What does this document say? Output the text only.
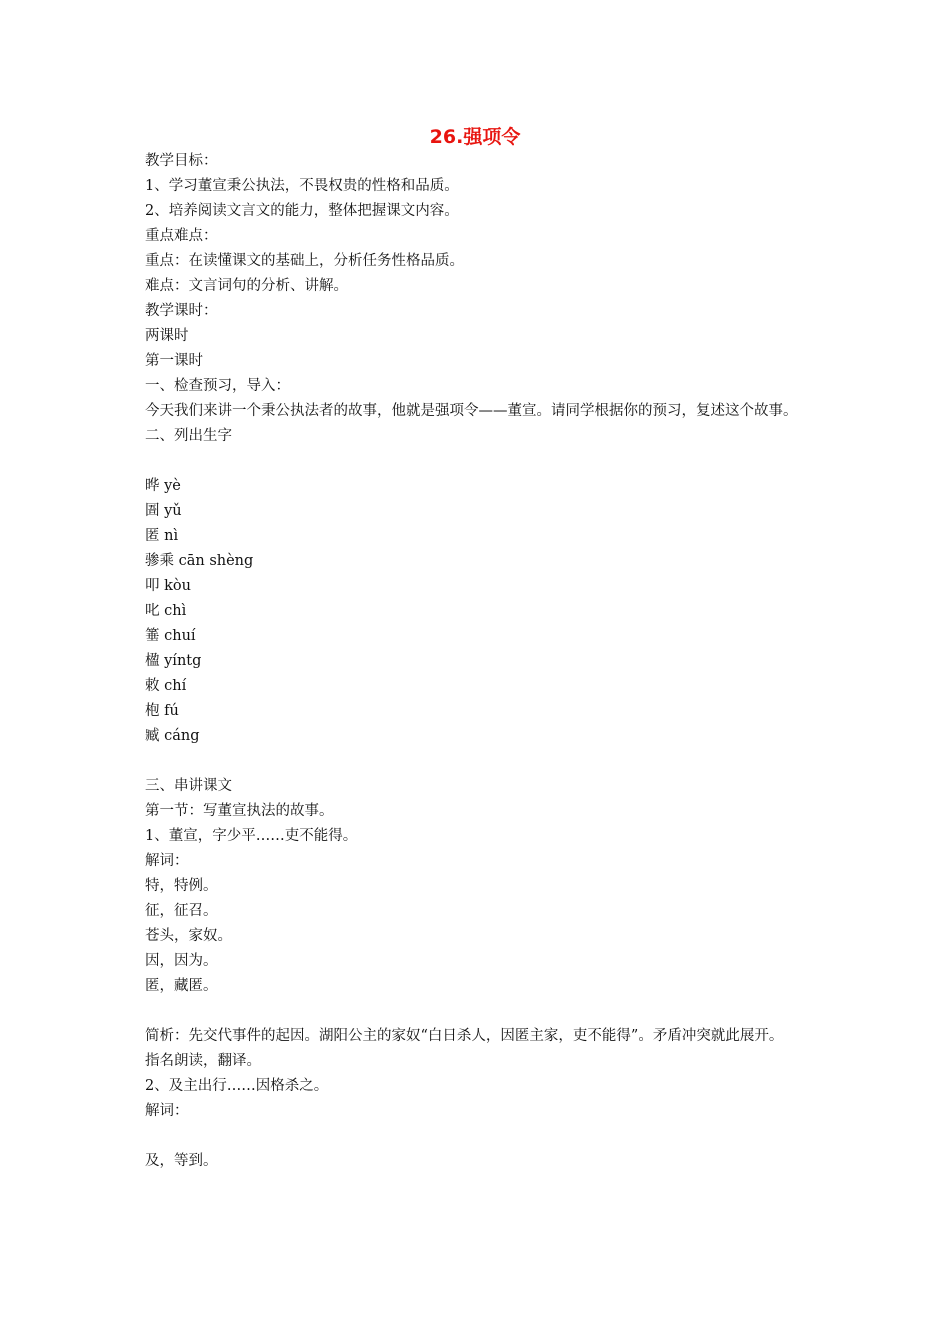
26.强项令
教学目标：
1、学习董宣秉公执法，不畏权贵的性格和品质。
2、培养阅读文言文的能力，整体把握课文内容。
重点难点：
重点：在读懂课文的基础上，分析任务性格品质。
难点：文言词句的分析、讲解。
教学课时：
两课时
第一课时
一、检查预习，导入：
今天我们来讲一个秉公执法者的故事，他就是强项令——董宣。请同学根据你的预习，复述这个故事。
二、列出生字
晔 yè
圄 yǔ
匿 nì
骖乘 cān shèng
叩 kòu
叱 chì
箠 chuí
楹 yíntg
敕 chí
枹 fú
臧 cáng
三、串讲课文
第一节：写董宣执法的故事。
1、董宣，字少平……吏不能得。
解词：
特，特例。
征，征召。
苍头，家奴。
因，因为。
匿，藏匿。
简析：先交代事件的起因。湖阳公主的家奴“白日杀人，因匿主家，吏不能得”。矛盾冲突就此展开。
指名朗读，翻译。
2、及主出行……因格杀之。
解词：
及，等到。
